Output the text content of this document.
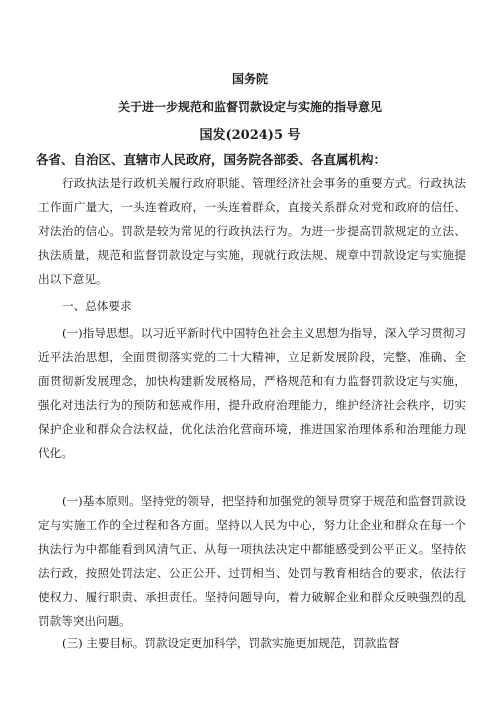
国务院
关于进一步规范和监督罚款设定与实施的指导意见
国发(2024)5 号
各省、自治区、直辖市人民政府，国务院各部委、各直属机构：

行政执法是行政机关履行政府职能、管理经济社会事务的重要方式。行政执法工作面广量大，一头连着政府，一头连着群众，直接关系群众对党和政府的信任、对法治的信心。罚款是较为常见的行政执法行为。为进一步提高罚款规定的立法、执法质量，规范和监督罚款设定与实施，现就行政法规、规章中罚款设定与实施提出以下意见。

一、总体要求

(一)指导思想。以习近平新时代中国特色社会主义思想为指导，深入学习贯彻习近平法治思想，全面贯彻落实党的二十大精神，立足新发展阶段，完整、准确、全面贯彻新发展理念，加快构建新发展格局，严格规范和有力监督罚款设定与实施，强化对违法行为的预防和惩戒作用，提升政府治理能力，维护经济社会秩序，切实保护企业和群众合法权益，优化法治化营商环境，推进国家治理体系和治理能力现代化。

(一)基本原则。坚持党的领导，把坚持和加强党的领导贯穿于规范和监督罚款设定与实施工作的全过程和各方面。坚持以人民为中心，努力让企业和群众在每一个执法行为中都能看到风清气正、从每一项执法决定中都能感受到公平正义。坚持依法行政，按照处罚法定、公正公开、过罚相当、处罚与教育相结合的要求，依法行使权力、履行职责、承担责任。坚持问题导向，着力破解企业和群众反映强烈的乱罚款等突出问题。

(三) 主要目标。罚款设定更加科学，罚款实施更加规范，罚款监督
